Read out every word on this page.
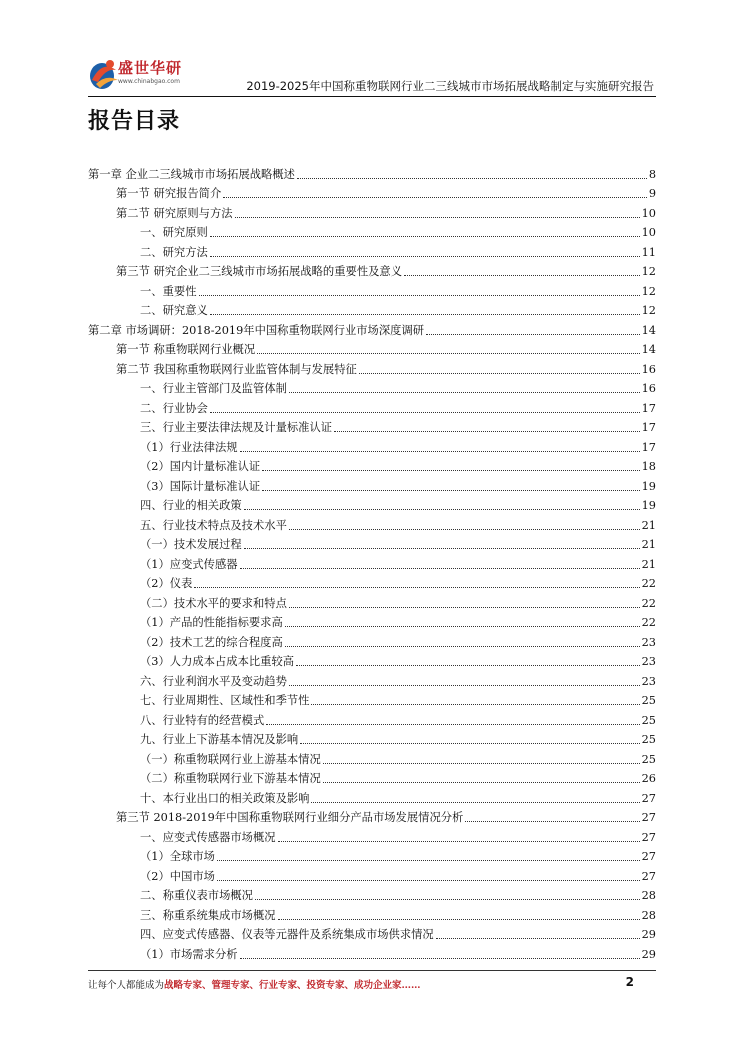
盛世华研
www.chinabgao.com	2019-2025年中国称重物联网行业二三线城市市场拓展战略制定与实施研究报告
报告目录
第一章 企业二三线城市市场拓展战略概述	8
第一节 研究报告简介	9
第二节 研究原则与方法	10
一、研究原则	10
二、研究方法	11
第三节 研究企业二三线城市市场拓展战略的重要性及意义	12
一、重要性	12
二、研究意义	12
第二章 市场调研：2018-2019年中国称重物联网行业市场深度调研	14
第一节 称重物联网行业概况	14
第二节 我国称重物联网行业监管体制与发展特征	16
一、行业主管部门及监管体制	16
二、行业协会	17
三、行业主要法律法规及计量标准认证	17
（1）行业法律法规	17
（2）国内计量标准认证	18
（3）国际计量标准认证	19
四、行业的相关政策	19
五、行业技术特点及技术水平	21
（一）技术发展过程	21
（1）应变式传感器	21
（2）仪表	22
（二）技术水平的要求和特点	22
（1）产品的性能指标要求高	22
（2）技术工艺的综合程度高	23
（3）人力成本占成本比重较高	23
六、行业利润水平及变动趋势	23
七、行业周期性、区域性和季节性	25
八、行业特有的经营模式	25
九、行业上下游基本情况及影响	25
（一）称重物联网行业上游基本情况	25
（二）称重物联网行业下游基本情况	26
十、本行业出口的相关政策及影响	27
第三节 2018-2019年中国称重物联网行业细分产品市场发展情况分析	27
一、应变式传感器市场概况	27
（1）全球市场	27
（2）中国市场	27
二、称重仪表市场概况	28
三、称重系统集成市场概况	28
四、应变式传感器、仪表等元器件及系统集成市场供求情况	29
（1）市场需求分析	29
让每个人都能成为战略专家、管理专家、行业专家、投资专家、成功企业家……	2
